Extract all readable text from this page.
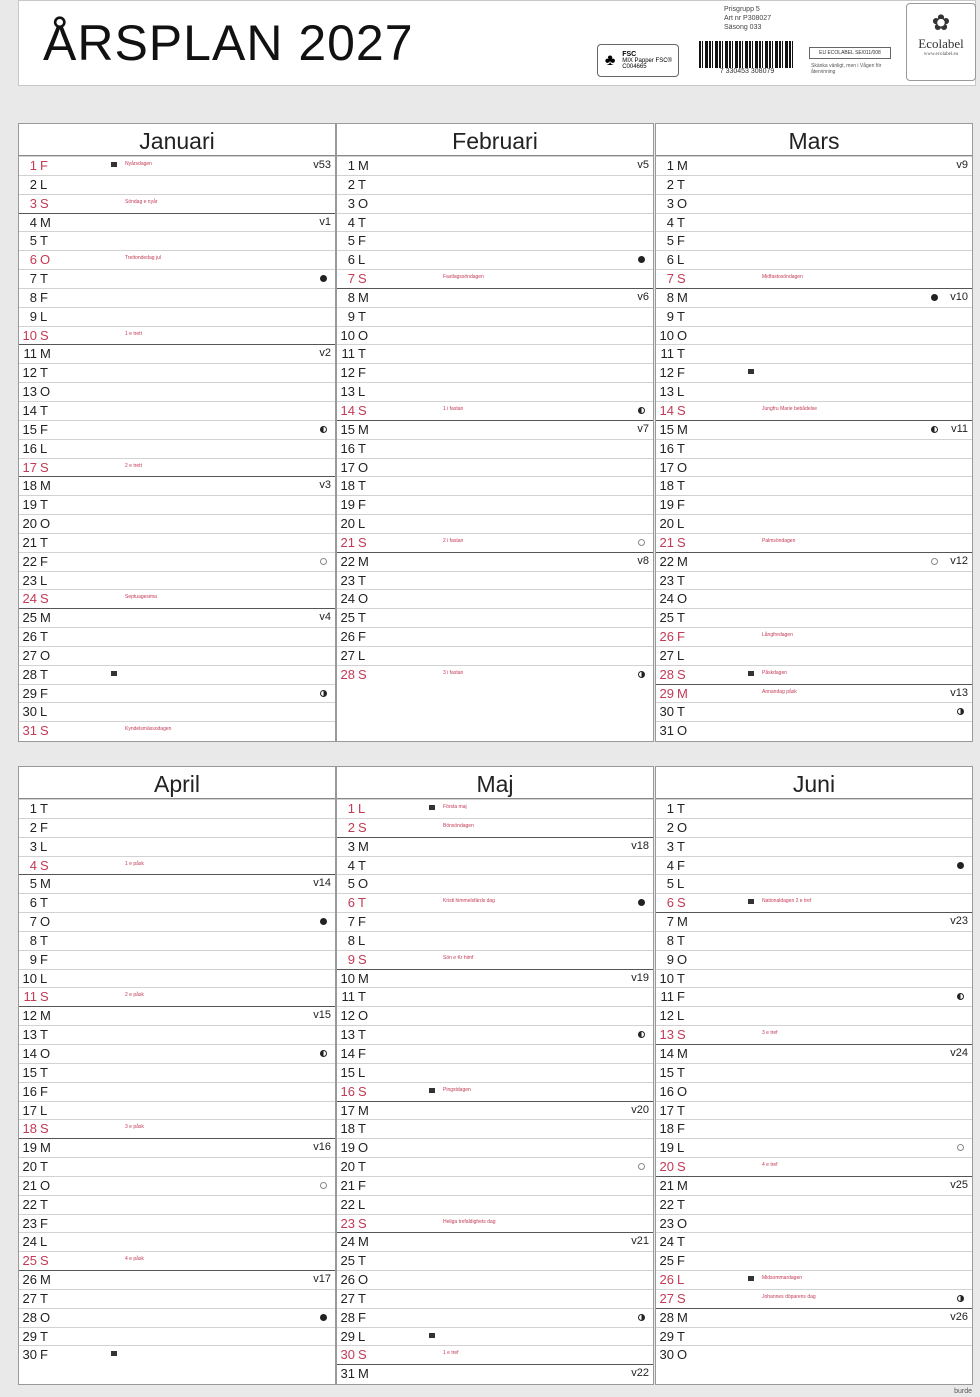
ÅRSPLAN 2027
Prisgrupp 5
Art nr P308027
Säsong 033
♣ FSC
MIX Papper FSC® C004665
7 330453 308079
EU ECOLABEL SE/011/008
Skänka vänligt, men i Vågen för återvinning
✿
Ecolabel
www.ecolabel.eu
Januari
1 F	Nyårsdagen	v53
2 L
3 S	Söndag e nyår
4 M	v1
5 T
6 O	Trettondedag jul
7 T
8 F
9 L
10 S	1 e trett
11 M	v2
12 T
13 O
14 T
15 F
16 L
17 S	2 e trett
18 M	v3
19 T
20 O
21 T
22 F
23 L
24 S	Septuagesima
25 M	v4
26 T
27 O
28 T
29 F
30 L
31 S	Kyndelsmässodagen
Februari
1 M	v5
2 T
3 O
4 T
5 F
6 L
7 S	Fastlagssöndagen
8 M	v6
9 T
10 O
11 T
12 F
13 L
14 S	1 i fastan
15 M	v7
16 T
17 O
18 T
19 F
20 L
21 S	2 i fastan
22 M	v8
23 T
24 O
25 T
26 F
27 L
28 S	3 i fastan
Mars
1 M	v9
2 T
3 O
4 T
5 F
6 L
7 S	Midfastosöndagen
8 M	v10
9 T
10 O
11 T
12 F
13 L
14 S	Jungfru Marie bebådelse
15 M	v11
16 T
17 O
18 T
19 F
20 L
21 S	Palmsöndagen
22 M	v12
23 T
24 O
25 T
26 F	Långfredagen
27 L
28 S	Påskdagen
29 M	Annandag påsk	v13
30 T
31 O
April
1 T
2 F
3 L
4 S	1 e påsk
5 M	v14
6 T
7 O
8 T
9 F
10 L
11 S	2 e påsk
12 M	v15
13 T
14 O
15 T
16 F
17 L
18 S	3 e påsk
19 M	v16
20 T
21 O
22 T
23 F
24 L
25 S	4 e påsk
26 M	v17
27 T
28 O
29 T
30 F
Maj
1 L	Första maj
2 S	Bönsöndagen
3 M	v18
4 T
5 O
6 T	Kristi himmelsfärds dag
7 F
8 L
9 S	Sön e Kr himf
10 M	v19
11 T
12 O
13 T
14 F
15 L
16 S	Pingstdagen
17 M	v20
18 T
19 O
20 T
21 F
22 L
23 S	Heliga trefaldighets dag
24 M	v21
25 T
26 O
27 T
28 F
29 L
30 S	1 e tref
31 M	v22
Juni
1 T
2 O
3 T
4 F
5 L
6 S	Nationaldagen 2 e tref
7 M	v23
8 T
9 O
10 T
11 F
12 L
13 S	3 e tref
14 M	v24
15 T
16 O
17 T
18 F
19 L
20 S	4 e tref
21 M	v25
22 T
23 O
24 T
25 F
26 L	Midsommardagen
27 S	Johannes döparens dag
28 M	v26
29 T
30 O
burde
